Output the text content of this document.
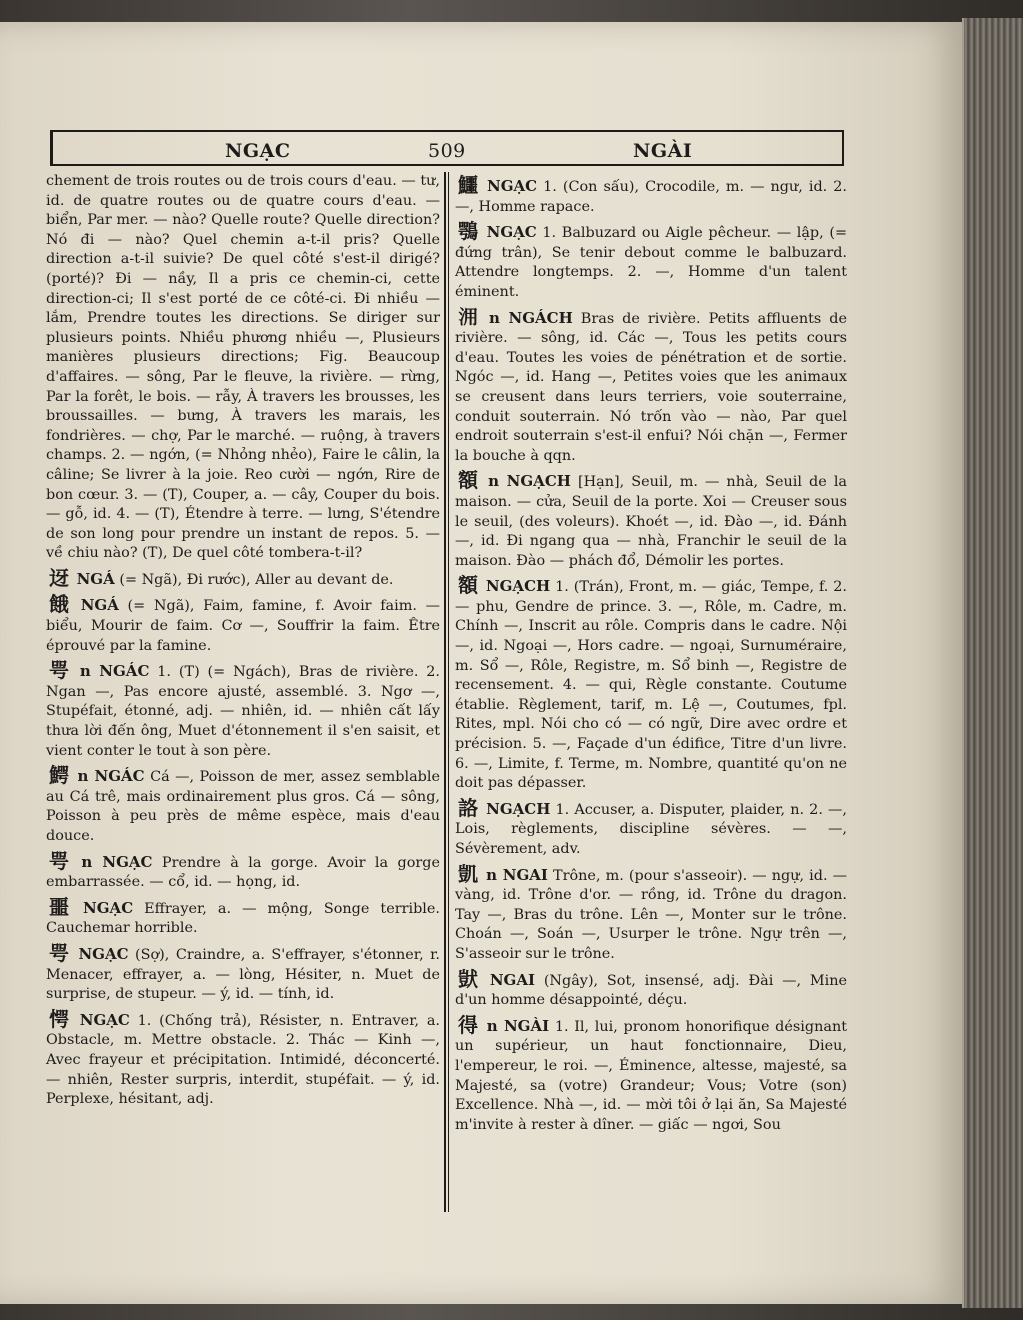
NGẠC	509	NGÀI

chement de trois routes ou de trois cours d'eau. — tư, id. de quatre routes ou de quatre cours d'eau. — biển, Par mer. — nào? Quelle route? Quelle direction? Nó đi — nào? Quel chemin a-t-il pris? Quelle direction a-t-il suivie? De quel côté s'est-il dirigé? (porté)? Đi — nầy, Il a pris ce chemin-ci, cette direction-ci; Il s'est porté de ce côté-ci. Đi nhiều — lắm, Prendre toutes les directions. Se diriger sur plusieurs points. Nhiều phương nhiều —, Plusieurs manières plusieurs directions; Fig. Beaucoup d'affaires. — sông, Par le fleuve, la rivière. — rừng, Par la forêt, le bois. — rẫy, À travers les brousses, les broussailles. — bưng, À travers les marais, les fondrières. — chợ, Par le marché. — ruộng, à travers champs. 2. — ngớn, (= Nhỏng nhẻo), Faire le câlin, la câline; Se livrer à la joie. Reo cười — ngớn, Rire de bon cœur. 3. — (T), Couper, a. — cây, Couper du bois. — gỗ, id. 4. — (T), Étendre à terre. — lưng, S'étendre de son long pour prendre un instant de repos. 5. — về chiu nào? (T), De quel côté tombera-t-il?

迓 NGÁ (= Ngã), Đi rước), Aller au devant de.

餓 NGÁ (= Ngã), Faim, famine, f. Avoir faim. — biểu, Mourir de faim. Cơ —, Souffrir la faim. Être éprouvé par la famine.

咢 n NGÁC 1. (T) (= Ngách), Bras de rivière. 2. Ngan —, Pas encore ajusté, assemblé. 3. Ngơ —, Stupéfait, étonné, adj. — nhiên, id. — nhiên cất lấy thưa lời đến ông, Muet d'étonnement il s'en saisit, et vient conter le tout à son père.

鰐 n NGÁC Cá —, Poisson de mer, assez semblable au Cá trê, mais ordinairement plus gros. Cá — sông, Poisson à peu près de même espèce, mais d'eau douce.

咢 n NGẠC Prendre à la gorge. Avoir la gorge embarrassée. — cổ, id. — họng, id.

噩 NGẠC Effrayer, a. — mộng, Songe terrible. Cauchemar horrible.

咢 NGẠC (Sợ), Craindre, a. S'effrayer, s'étonner, r. Menacer, effrayer, a. — lòng, Hésiter, n. Muet de surprise, de stupeur. — ý, id. — tính, id.

愕 NGẠC 1. (Chống trả), Résister, n. Entraver, a. Obstacle, m. Mettre obstacle. 2. Thác — Kinh —, Avec frayeur et précipitation. Intimidé, déconcerté. — nhiên, Rester surpris, interdit, stupéfait. — ý, id. Perplexe, hésitant, adj.

鱷 NGẠC 1. (Con sấu), Crocodile, m. — ngư, id. 2. —, Homme rapace.

鶚 NGẠC 1. Balbuzard ou Aigle pêcheur. — lập, (= đứng trân), Se tenir debout comme le balbuzard. Attendre longtemps. 2. —, Homme d'un talent éminent.

𣳔 n NGÁCH Bras de rivière. Petits affluents de rivière. — sông, id. Các —, Tous les petits cours d'eau. Toutes les voies de pénétration et de sortie. Ngóc —, id. Hang —, Petites voies que les animaux se creusent dans leurs terriers, voie souterraine, conduit souterrain. Nó trốn vào — nào, Par quel endroit souterrain s'est-il enfui? Nói chặn —, Fermer la bouche à qqn.

額 n NGẠCH [Hạn], Seuil, m. — nhà, Seuil de la maison. — cửa, Seuil de la porte. Xoi — Creuser sous le seuil, (des voleurs). Khoét —, id. Đào —, id. Đánh —, id. Đi ngang qua — nhà, Franchir le seuil de la maison. Đào — phách đổ, Démolir les portes.

額 NGẠCH 1. (Trán), Front, m. — giác, Tempe, f. 2. — phu, Gendre de prince. 3. —, Rôle, m. Cadre, m. Chính —, Inscrit au rôle. Compris dans le cadre. Nội —, id. Ngoại —, Hors cadre. — ngoại, Surnuméraire, m. Sổ —, Rôle, Registre, m. Sổ binh —, Registre de recensement. 4. — qui, Règle constante. Coutume établie. Règlement, tarif, m. Lệ —, Coutumes, fpl. Rites, mpl. Nói cho có — có ngữ, Dire avec ordre et précision. 5. —, Façade d'un édifice, Titre d'un livre. 6. —, Limite, f. Terme, m. Nombre, quantité qu'on ne doit pas dépasser.

詻 NGẠCH 1. Accuser, a. Disputer, plaider, n. 2. —, Lois, règlements, discipline sévères. — —, Sévèrement, adv.

凱 n NGAI Trône, m. (pour s'asseoir). — ngự, id. — vàng, id. Trône d'or. — rồng, id. Trône du dragon. Tay —, Bras du trône. Lên —, Monter sur le trône. Choán —, Soán —, Usurper le trône. Ngự trên —, S'asseoir sur le trône.

獃 NGAI (Ngây), Sot, insensé, adj. Đài —, Mine d'un homme désappointé, déçu.

得 n NGÀI 1. Il, lui, pronom honorifique désignant un supérieur, un haut fonctionnaire, Dieu, l'empereur, le roi. —, Éminence, altesse, majesté, sa Majesté, sa (votre) Grandeur; Vous; Votre (son) Excellence. Nhà —, id. — mời tôi ở lại ăn, Sa Majesté m'invite à rester à dîner. — giấc — ngơi, Sou
